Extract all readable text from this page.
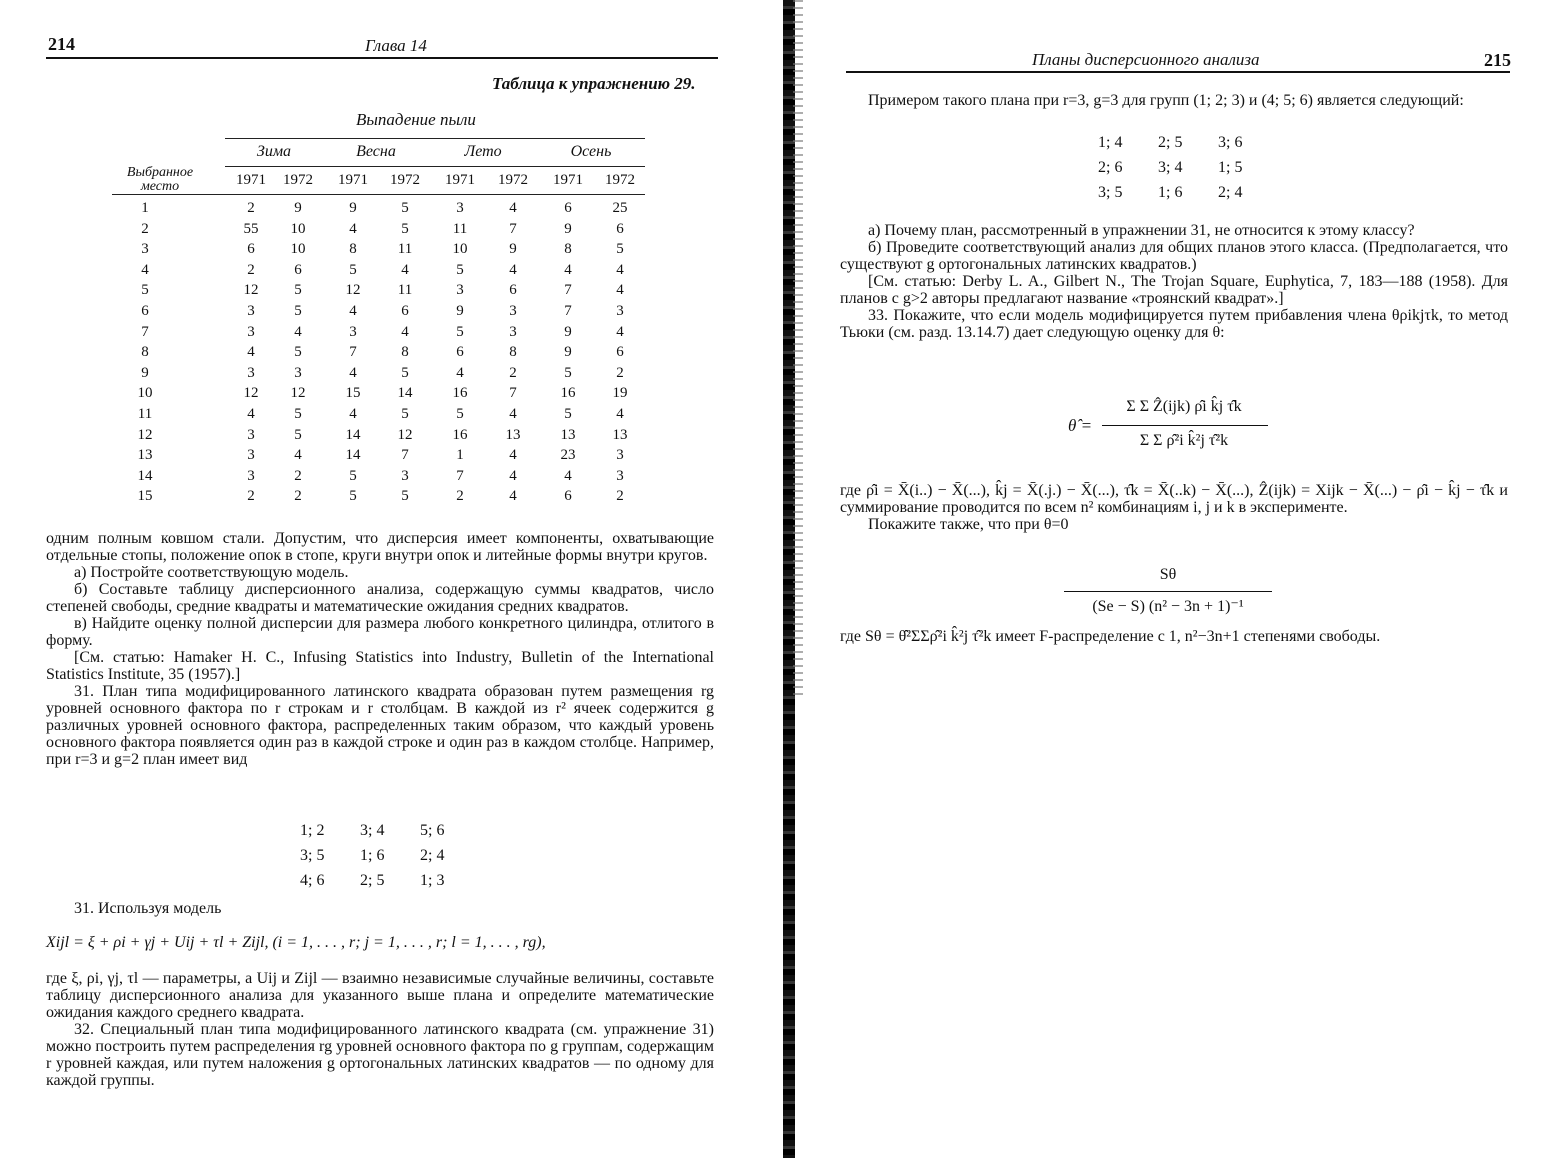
214	Глава 14
Таблица к упражнению 29.
Выпадение пыли
Зима	Весна	Лето	Осень
Выбранное место	1971	1972	1971	1972	1971	1972	1971	1972
1	2	9	9	5	3	4	6	25
2	55	10	4	5	11	7	9	6
3	6	10	8	11	10	9	8	5
4	2	6	5	4	5	4	4	4
5	12	5	12	11	3	6	7	4
6	3	5	4	6	9	3	7	3
7	3	4	3	4	5	3	9	4
8	4	5	7	8	6	8	9	6
9	3	3	4	5	4	2	5	2
10	12	12	15	14	16	7	16	19
11	4	5	4	5	5	4	5	4
12	3	5	14	12	16	13	13	13
13	3	4	14	7	1	4	23	3
14	3	2	5	3	7	4	4	3
15	2	2	5	5	2	4	6	2

одним полным ковшом стали. Допустим, что дисперсия имеет компоненты, охватывающие отдельные стопы, положение опок в стопе, круги внутри опок и литейные формы внутри кругов.

а) Постройте соответствующую модель.

б) Составьте таблицу дисперсионного анализа, содержащую суммы квадратов, число степеней свободы, средние квадраты и математические ожидания средних квадратов.

в) Найдите оценку полной дисперсии для размера любого конкретного цилиндра, отлитого в форму.

[См. статью: Hamaker H. C., Infusing Statistics into Industry, Bulletin of the International Statistics Institute, 35 (1957).]

31. План типа модифицированного латинского квадрата образован путем размещения rg уровней основного фактора по r строкам и r столбцам. В каждой из r² ячеек содержится g различных уровней основного фактора, распределенных таким образом, что каждый уровень основного фактора появляется один раз в каждой строке и один раз в каждом столбце. Например, при r=3 и g=2 план имеет вид

1; 2 3; 4 5; 6
3; 5 1; 6 2; 4
4; 6 2; 5 1; 3

31. Используя модель

Xijl = ξ + ρi + γj + Uij + τl + Zijl, (i = 1, . . . , r; j = 1, . . . , r; l = 1, . . . , rg),

где ξ, ρi, γj, τl — параметры, а Uij и Zijl — взаимно независимые случайные величины, составьте таблицу дисперсионного анализа для указанного выше плана и определите математические ожидания каждого среднего квадрата.

32. Специальный план типа модифицированного латинского квадрата (см. упражнение 31) можно построить путем распределения rg уровней основного фактора по g группам, содержащим r уровней каждая, или путем наложения g ортогональных латинских квадратов — по одному для каждой группы.

Планы дисперсионного анализа	215

Примером такого плана при r=3, g=3 для групп (1; 2; 3) и (4; 5; 6) является следующий:

1; 4 2; 5 3; 6
2; 6 3; 4 1; 5
3; 5 1; 6 2; 4

а) Почему план, рассмотренный в упражнении 31, не относится к этому классу?

б) Проведите соответствующий анализ для общих планов этого класса. (Предполагается, что существуют g ортогональных латинских квадратов.)

[См. статью: Derby L. A., Gilbert N., The Trojan Square, Euphytica, 7, 183—188 (1958). Для планов с g>2 авторы предлагают название «троянский квадрат».]

33. Покажите, что если модель модифицируется путем прибавления члена θρikjτk, то метод Тьюки (см. разд. 13.14.7) дает следующую оценку для θ:

θ̂ =
Σ Σ Ẑ(ijk) ρ̂i k̂j τ̂k
Σ Σ ρ̂²i k̂²j τ̂²k

где ρ̂i = X̄(i..) − X̄(...), k̂j = X̄(.j.) − X̄(...), τ̂k = X̄(..k) − X̄(...), Ẑ(ijk) = Xijk − X̄(...) − ρ̂i − k̂j − τ̂k и суммирование проводится по всем n² комбинациям i, j и k в эксперименте.

Покажите также, что при θ=0

Sθ
(Se − S) (n² − 3n + 1)⁻¹

где Sθ = θ̂²ΣΣρ̂²i k̂²j τ̂²k имеет F-распределение с 1, n²−3n+1 степенями свободы.
